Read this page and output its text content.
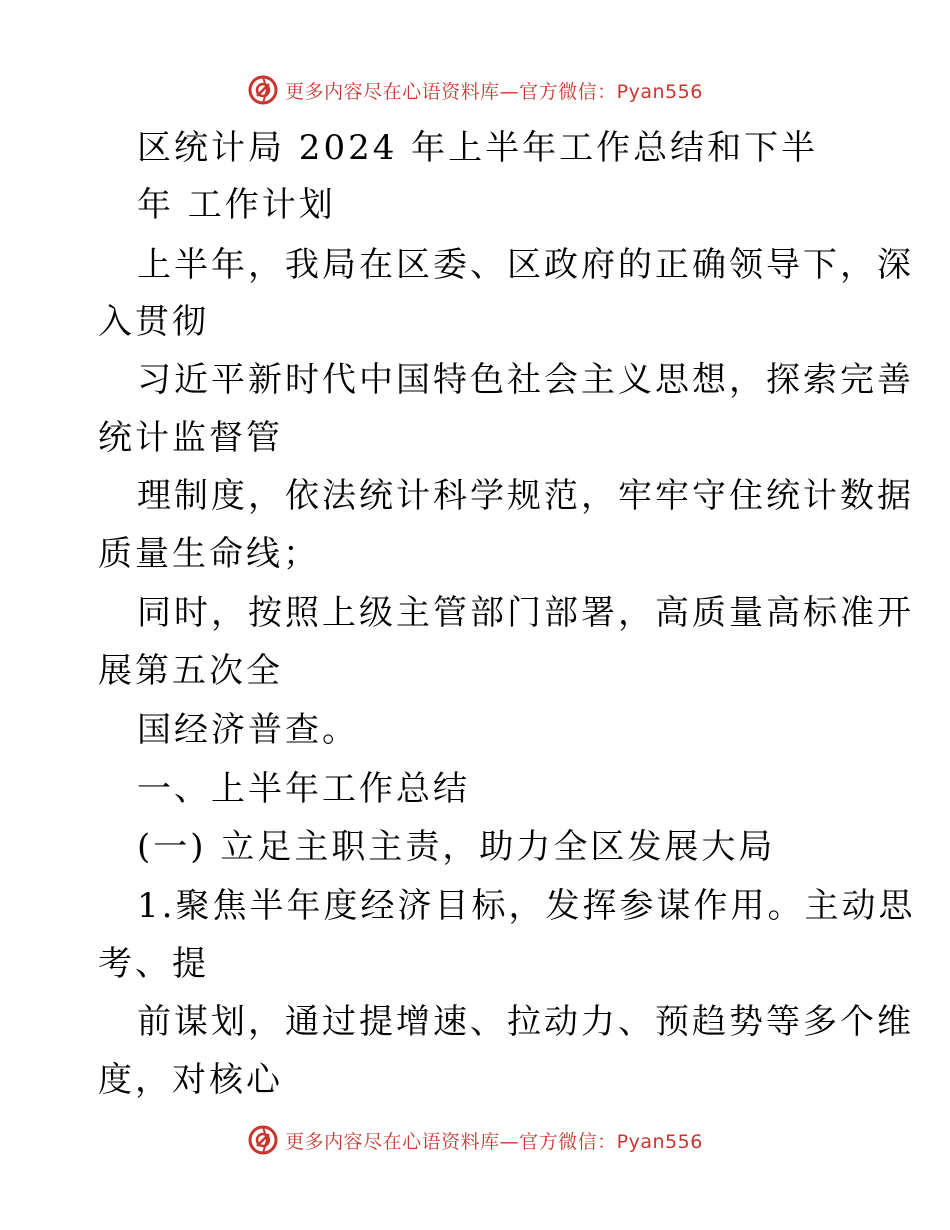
更多内容尽在心语资料库—官方微信：Pyan556
区统计局 2024 年上半年工作总结和下半
年 工作计划
上半年，我局在区委、区政府的正确领导下，深
入贯彻
习近平新时代中国特色社会主义思想，探索完善
统计监督管
理制度，依法统计科学规范，牢牢守住统计数据
质量生命线；
同时，按照上级主管部门部署，高质量高标准开
展第五次全
国经济普查。
一、上半年工作总结
(一) 立足主职主责，助力全区发展大局
1.聚焦半年度经济目标，发挥参谋作用。主动思
考、提
前谋划，通过提增速、拉动力、预趋势等多个维
度，对核心
更多内容尽在心语资料库—官方微信：Pyan556
